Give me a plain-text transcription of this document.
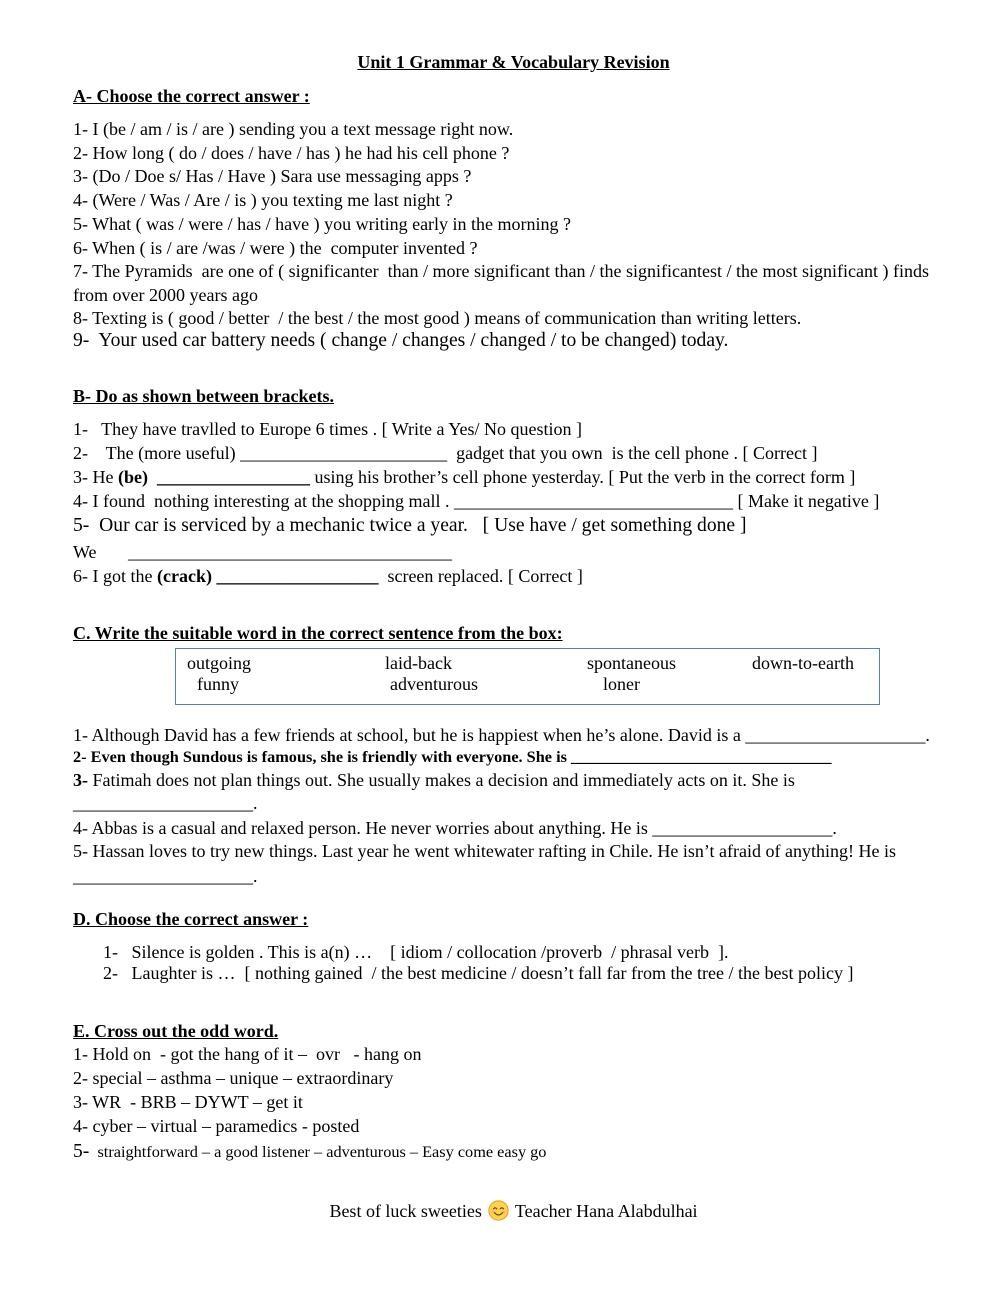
Unit 1 Grammar & Vocabulary Revision
A- Choose the correct answer :
1- I (be / am / is / are ) sending you a text message right now.
2- How long ( do / does / have / has ) he had his cell phone ?
3- (Do / Doe s/ Has / Have ) Sara use messaging apps ?
4- (Were / Was / Are / is ) you texting me last night ?
5- What ( was / were / has / have ) you writing early in the morning ?
6- When ( is / are /was / were ) the  computer invented ?
7- The Pyramids  are one of ( significanter  than / more significant than / the significantest / the most significant ) finds
from over 2000 years ago
8- Texting is ( good / better  / the best / the most good ) means of communication than writing letters.
9-  Your used car battery needs ( change / changes / changed / to be changed) today.
B- Do as shown between brackets.
1-   They have travlled to Europe 6 times . [ Write a Yes/ No question ]
2-    The (more useful) _______________________  gadget that you own  is the cell phone . [ Correct ]
3- He (be)  _________________ using his brother’s cell phone yesterday. [ Put the verb in the correct form ]
4- I found  nothing interesting at the shopping mall . _______________________________ [ Make it negative ]
5-  Our car is serviced by a mechanic twice a year.   [ Use have / get something done ]
We       ____________________________________
6- I got the (crack) __________________  screen replaced. [ Correct ]
C. Write the suitable word in the correct sentence from the box:
outgoing	laid-back	spontaneous	down-to-earth
funny	adventurous	loner
1- Although David has a few friends at school, but he is happiest when he’s alone. David is a ____________________.
2- Even though Sundous is famous, she is friendly with everyone. She is ________________________________
3- Fatimah does not plan things out. She usually makes a decision and immediately acts on it. She is
____________________.
4- Abbas is a casual and relaxed person. He never worries about anything. He is ____________________.
5- Hassan loves to try new things. Last year he went whitewater rafting in Chile. He isn’t afraid of anything! He is
____________________.
D. Choose the correct answer :
1-   Silence is golden . This is a(n) …    [ idiom / collocation /proverb  / phrasal verb  ].
2-   Laughter is …  [ nothing gained  / the best medicine / doesn’t fall far from the tree / the best policy ]
E. Cross out the odd word.
1- Hold on  - got the hang of it –  ovr   - hang on
2- special – asthma – unique – extraordinary
3- WR  - BRB – DYWT – get it
4- cyber – virtual – paramedics - posted
5-  straightforward – a good listener – adventurous – Easy come easy go
Best of luck sweeties Teacher Hana Alabdulhai
